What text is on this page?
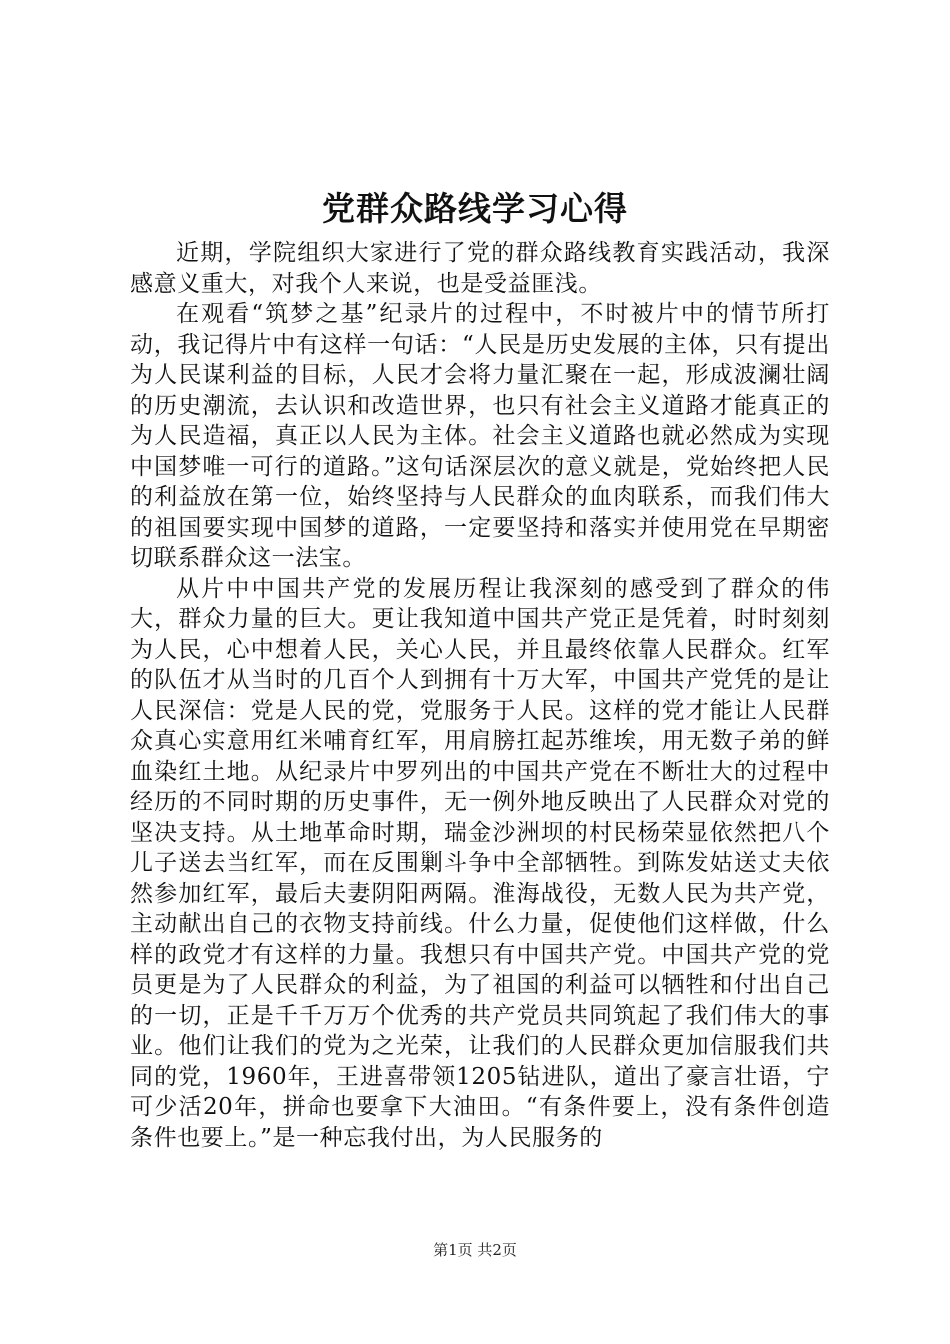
党群众路线学习心得

近期，学院组织大家进行了党的群众路线教育实践活动，我深感意义重大，对我个人来说，也是受益匪浅。

在观看“筑梦之基”纪录片的过程中，不时被片中的情节所打动，我记得片中有这样一句话：“人民是历史发展的主体，只有提出为人民谋利益的目标，人民才会将力量汇聚在一起，形成波澜壮阔的历史潮流，去认识和改造世界，也只有社会主义道路才能真正的为人民造福，真正以人民为主体。社会主义道路也就必然成为实现中国梦唯一可行的道路。”这句话深层次的意义就是，党始终把人民的利益放在第一位，始终坚持与人民群众的血肉联系，而我们伟大的祖国要实现中国梦的道路，一定要坚持和落实并使用党在早期密切联系群众这一法宝。

从片中中国共产党的发展历程让我深刻的感受到了群众的伟大，群众力量的巨大。更让我知道中国共产党正是凭着，时时刻刻为人民，心中想着人民，关心人民，并且最终依靠人民群众。红军的队伍才从当时的几百个人到拥有十万大军，中国共产党凭的是让人民深信：党是人民的党，党服务于人民。这样的党才能让人民群众真心实意用红米哺育红军，用肩膀扛起苏维埃，用无数子弟的鲜血染红土地。从纪录片中罗列出的中国共产党在不断壮大的过程中经历的不同时期的历史事件，无一例外地反映出了人民群众对党的坚决支持。从土地革命时期，瑞金沙洲坝的村民杨荣显依然把八个儿子送去当红军，而在反围剿斗争中全部牺牲。到陈发姑送丈夫依然参加红军，最后夫妻阴阳两隔。淮海战役，无数人民为共产党，主动献出自己的衣物支持前线。什么力量，促使他们这样做，什么样的政党才有这样的力量。我想只有中国共产党。中国共产党的党员更是为了人民群众的利益，为了祖国的利益可以牺牲和付出自己的一切，正是千千万万个优秀的共产党员共同筑起了我们伟大的事业。他们让我们的党为之光荣，让我们的人民群众更加信服我们共同的党，1960年，王进喜带领1205钻进队，道出了豪言壮语，宁可少活20年，拼命也要拿下大油田。“有条件要上，没有条件创造条件也要上。”是一种忘我付出，为人民服务的

第1页 共2页
